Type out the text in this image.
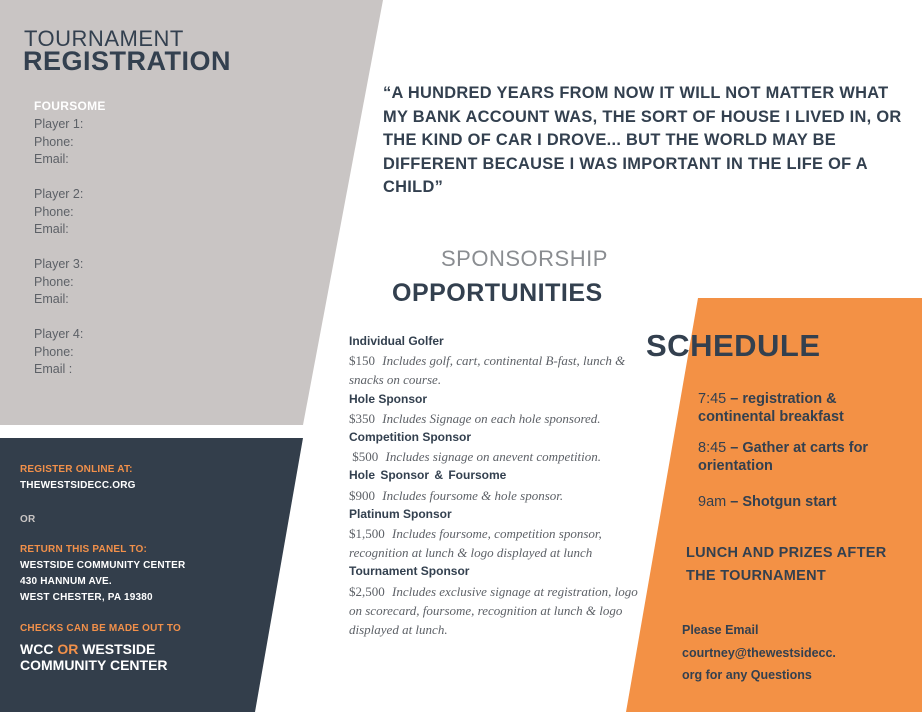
TOURNAMENT
REGISTRATION
FOURSOME
Player 1:
Phone:
Email:
Player 2:
Phone:
Email:
Player 3:
Phone:
Email:
Player 4:
Phone:
Email :
REGISTER ONLINE AT:
THEWESTSIDECC.ORG
OR
RETURN THIS PANEL TO:
WESTSIDE COMMUNITY CENTER
430 HANNUM AVE.
WEST CHESTER, PA 19380
CHECKS CAN BE MADE OUT TO
WCC OR WESTSIDE
COMMUNITY CENTER
“A HUNDRED YEARS FROM NOW IT WILL NOT MATTER WHAT MY BANK ACCOUNT WAS, THE SORT OF HOUSE I LIVED IN, OR THE KIND OF CAR I DROVE... BUT THE WORLD MAY BE DIFFERENT BECAUSE I WAS IMPORTANT IN THE LIFE OF A CHILD”
SPONSORSHIP
OPPORTUNITIES
Individual Golfer
$150 Includes golf, cart, continental B-fast, lunch & snacks on course.
Hole Sponsor
$350 Includes Signage on each hole sponsored.
Competition Sponsor
$500 Includes signage on anevent competition.
Hole Sponsor & Foursome
$900 Includes foursome & hole sponsor.
Platinum Sponsor
$1,500 Includes foursome, competition sponsor, recognition at lunch & logo displayed at lunch
Tournament Sponsor
$2,500 Includes exclusive signage at registration, logo on scorecard, foursome, recognition at lunch & logo displayed at lunch.
SCHEDULE
7:45 – registration & continental breakfast
8:45 – Gather at carts for orientation
9am – Shotgun start
LUNCH AND PRIZES AFTER THE TOURNAMENT
Please Email
courtney@thewestsidecc.
org for any Questions
